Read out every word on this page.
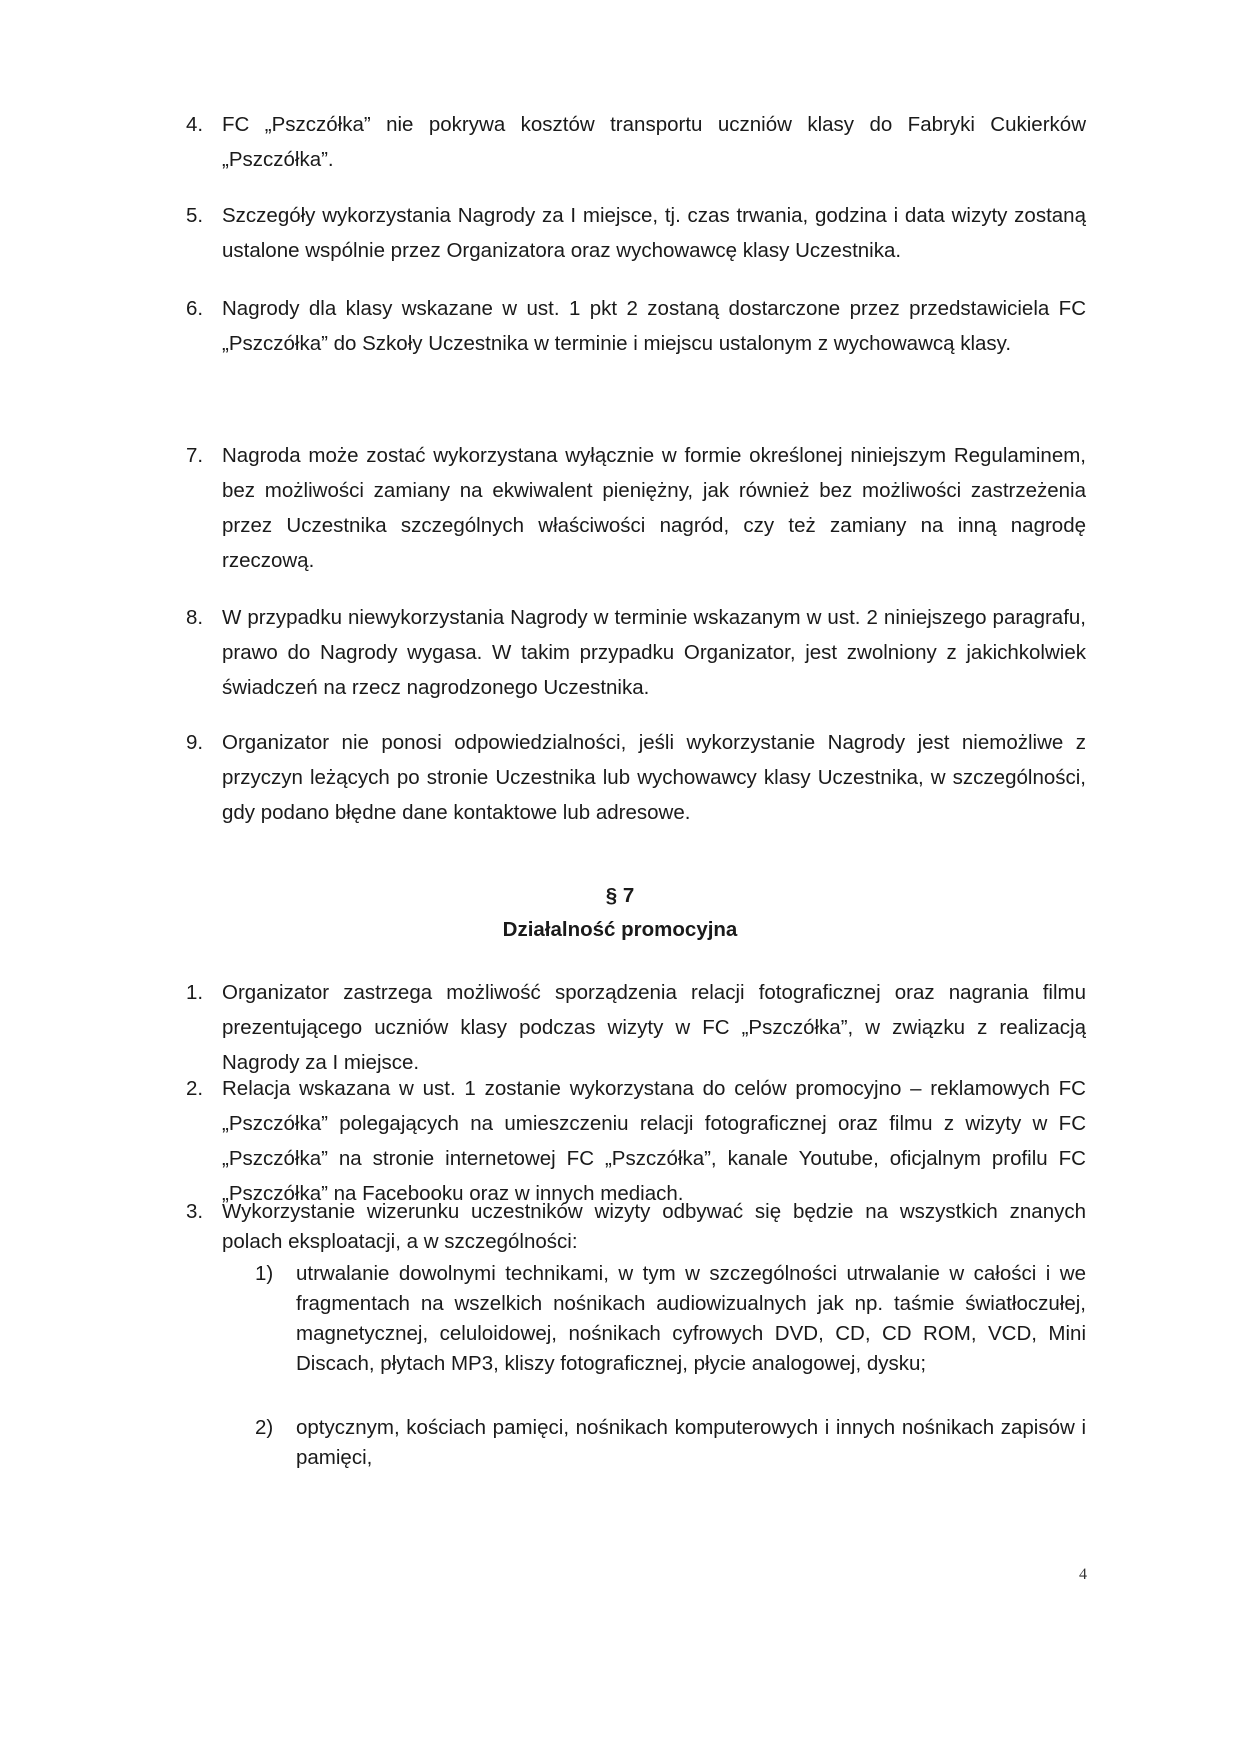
4. FC „Pszczółka” nie pokrywa kosztów transportu uczniów klasy do Fabryki Cukierków „Pszczółka”.
5. Szczegóły wykorzystania Nagrody za I miejsce, tj. czas trwania, godzina i data wizyty zostaną ustalone wspólnie przez Organizatora oraz wychowawcę klasy Uczestnika.
6. Nagrody dla klasy wskazane w ust. 1 pkt 2 zostaną dostarczone przez przedstawiciela FC „Pszczółka” do Szkoły Uczestnika w terminie i miejscu ustalonym z wychowawcą klasy.
7. Nagroda może zostać wykorzystana wyłącznie w formie określonej niniejszym Regulaminem, bez możliwości zamiany na ekwiwalent pieniężny, jak również bez możliwości zastrzeżenia przez Uczestnika szczególnych właściwości nagród, czy też zamiany na inną nagrodę rzeczową.
8. W przypadku niewykorzystania Nagrody w terminie wskazanym w ust. 2 niniejszego paragrafu, prawo do Nagrody wygasa. W takim przypadku Organizator, jest zwolniony z jakichkolwiek świadczeń na rzecz nagrodzonego Uczestnika.
9. Organizator nie ponosi odpowiedzialności, jeśli wykorzystanie Nagrody jest niemożliwe z przyczyn leżących po stronie Uczestnika lub wychowawcy klasy Uczestnika, w szczególności, gdy podano błędne dane kontaktowe lub adresowe.
§ 7
Działalność promocyjna
1. Organizator zastrzega możliwość sporządzenia relacji fotograficznej oraz nagrania filmu prezentującego uczniów klasy podczas wizyty w FC „Pszczółka”, w związku z realizacją Nagrody za I miejsce.
2. Relacja wskazana w ust. 1 zostanie wykorzystana do celów promocyjno – reklamowych FC „Pszczółka” polegających na umieszczeniu relacji fotograficznej oraz filmu z wizyty w FC „Pszczółka” na stronie internetowej FC „Pszczółka”, kanale Youtube, oficjalnym profilu FC „Pszczółka” na Facebooku oraz w innych mediach.
3. Wykorzystanie wizerunku uczestników wizyty odbywać się będzie na wszystkich znanych polach eksploatacji, a w szczególności:
1) utrwalanie dowolnymi technikami, w tym w szczególności utrwalanie w całości i we fragmentach na wszelkich nośnikach audiowizualnych jak np. taśmie światłoczułej, magnetycznej, celuloidowej, nośnikach cyfrowych DVD, CD, CD ROM, VCD, Mini Discach, płytach MP3, kliszy fotograficznej, płycie analogowej, dysku;
2) optycznym, kościach pamięci, nośnikach komputerowych i innych nośnikach zapisów i pamięci,
4
